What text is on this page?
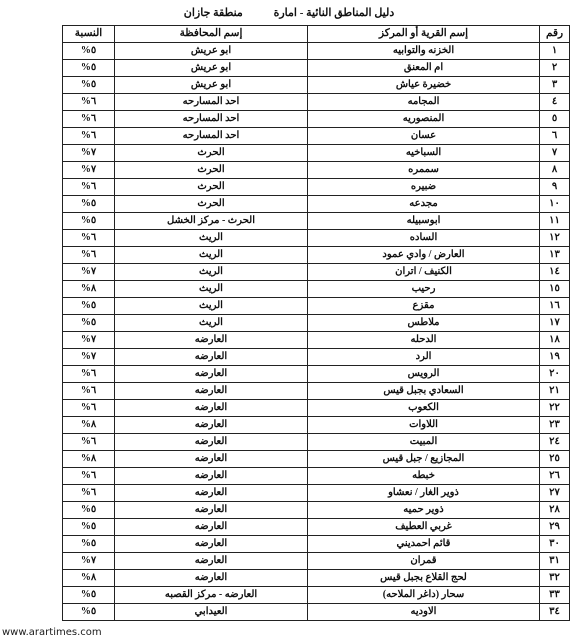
دليل المناطق النائية - امارة منطقة جازان
رقم	إسم القرية أو المركز	إسم المحافظة	النسبة
١	الخزنه والتوابيه	ابو عريش	%٥
٢	ام المعنق	ابو عريش	%٥
٣	خضيرة عياش	ابو عريش	%٥
٤	المجامه	احد المسارحه	%٦
٥	المنصوريه	احد المسارحه	%٦
٦	عسان	احد المسارحه	%٦
٧	السباخيه	الحرث	%٧
٨	سممره	الحرث	%٧
٩	ضبيره	الحرث	%٦
١٠	مجدعه	الحرث	%٥
١١	ابوسبيله	الحرث - مركز الخشل	%٥
١٢	الساده	الريث	%٦
١٣	العارض / وادي عمود	الريث	%٦
١٤	الكنيف / اتران	الريث	%٧
١٥	رحيب	الريث	%٨
١٦	مقزع	الريث	%٥
١٧	ملاطس	الريث	%٥
١٨	الدحله	العارضه	%٧
١٩	الرد	العارضه	%٧
٢٠	الرويس	العارضه	%٦
٢١	السعادي بجبل قيس	العارضه	%٦
٢٢	الكعوب	العارضه	%٦
٢٣	اللاوات	العارضه	%٨
٢٤	المبيت	العارضه	%٦
٢٥	المجازيع / جبل قيس	العارضه	%٨
٢٦	خبطه	العارضه	%٦
٢٧	ذوير الغار / نعشاو	العارضه	%٦
٢٨	ذوير حميه	العارضه	%٥
٢٩	غربي العطيف	العارضه	%٥
٣٠	قائم احمديني	العارضه	%٥
٣١	قمران	العارضه	%٧
٣٢	لحج القلاع بجبل قيس	العارضه	%٨
٣٣	سحار (داغر الملاحه)	العارضه - مركز القصبه	%٥
٣٤	الاوديه	العيدابي	%٥
www.arartimes.com
